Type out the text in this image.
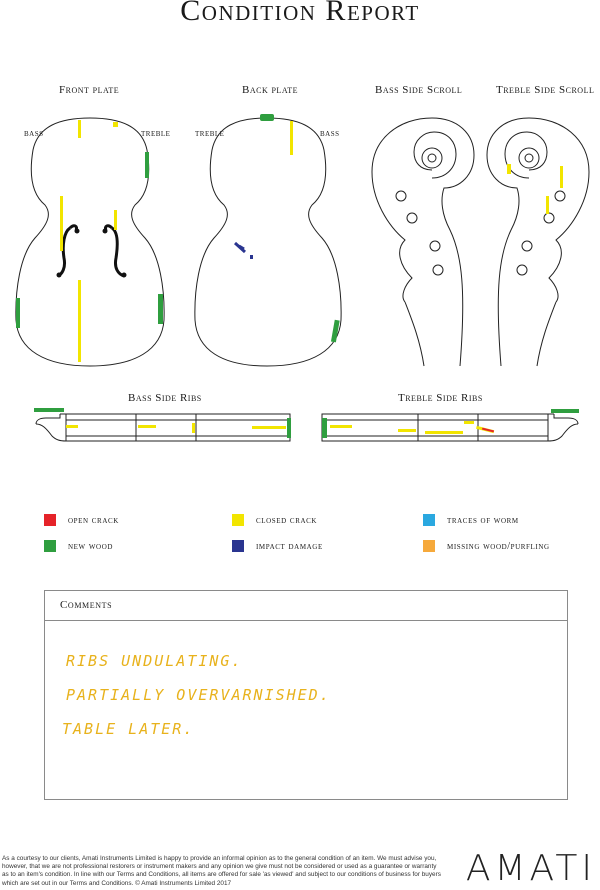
Condition Report
Front plate	Back plate	Bass Side Scroll	Treble Side Scroll
Bass Side Ribs	Treble Side Ribs
BASS	TREBLE	TREBLE	BASS
open crack	closed crack	traces of worm
new wood	impact damage	missing wood/purfling
Comments
RIBS UNDULATING.
PARTIALLY OVERVARNISHED.
TABLE LATER.
As a courtesy to our clients, Amati Instruments Limited is happy to provide an informal opinion as to the general condition of an item. We must advise you, however, that we are not professional restorers or instrument makers and any opinion we give must not be considered or used as a guarantee or warranty as to an item's condition. In line with our Terms and Conditions, all items are offered for sale 'as viewed' and subject to our conditions of business for buyers which are set out in our Terms and Conditions. © Amati Instruments Limited 2017	AMATI
